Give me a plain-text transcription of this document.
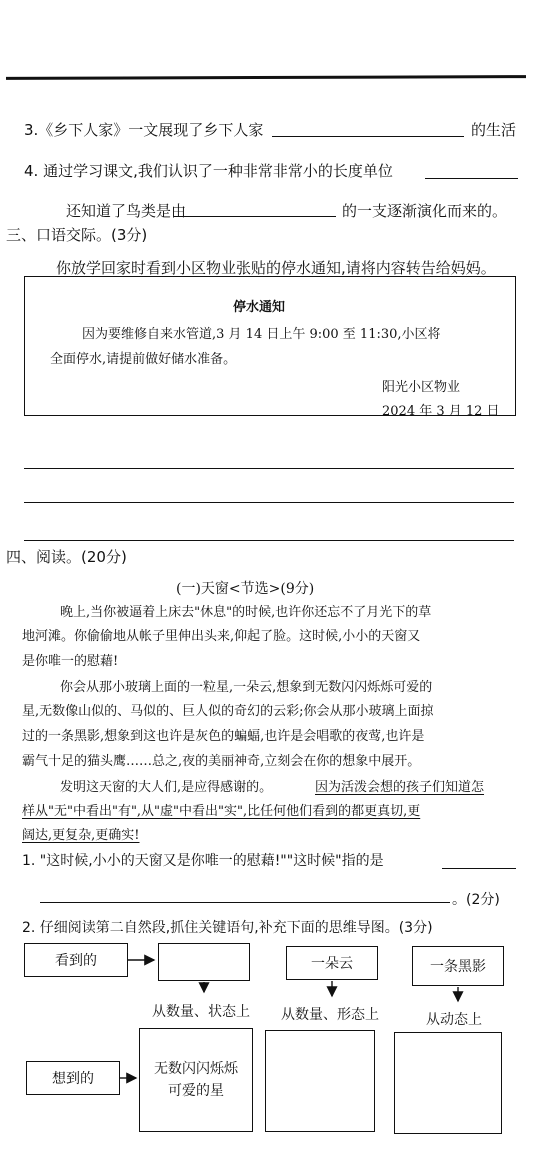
3.《乡下人家》一文展现了乡下人家	的生活
4. 通过学习课文,我们认识了一种非常非常小的长度单位
还知道了鸟类是由	的一支逐渐演化而来的。
三、口语交际。(3分)
你放学回家时看到小区物业张贴的停水通知,请将内容转告给妈妈。
停水通知
因为要维修自来水管道,3 月 14 日上午 9:00 至 11:30,小区将
全面停水,请提前做好储水准备。
阳光小区物业
2024 年 3 月 12 日
四、阅读。(20分)
(一)天窗<节选>(9分)
晚上,当你被逼着上床去"休息"的时候,也许你还忘不了月光下的草
地河滩。你偷偷地从帐子里伸出头来,仰起了脸。这时候,小小的天窗又
是你唯一的慰藉!
你会从那小玻璃上面的一粒星,一朵云,想象到无数闪闪烁烁可爱的
星,无数像山似的、马似的、巨人似的奇幻的云彩;你会从那小玻璃上面掠
过的一条黑影,想象到这也许是灰色的蝙蝠,也许是会唱歌的夜莺,也许是
霸气十足的猫头鹰……总之,夜的美丽神奇,立刻会在你的想象中展开。
发明这天窗的大人们,是应得感谢的。	因为活泼会想的孩子们知道怎
样从"无"中看出"有",从"虚"中看出"实",比任何他们看到的都更真切,更
阔达,更复杂,更确实!
1. "这时候,小小的天窗又是你唯一的慰藉!""这时候"指的是
。(2分)
2. 仔细阅读第二自然段,抓住关键语句,补充下面的思维导图。(3分)
看到的	一朵云	一条黑影
从数量、状态上 从数量、形态上	从动态上
想到的
无数闪闪烁烁可爱的星
